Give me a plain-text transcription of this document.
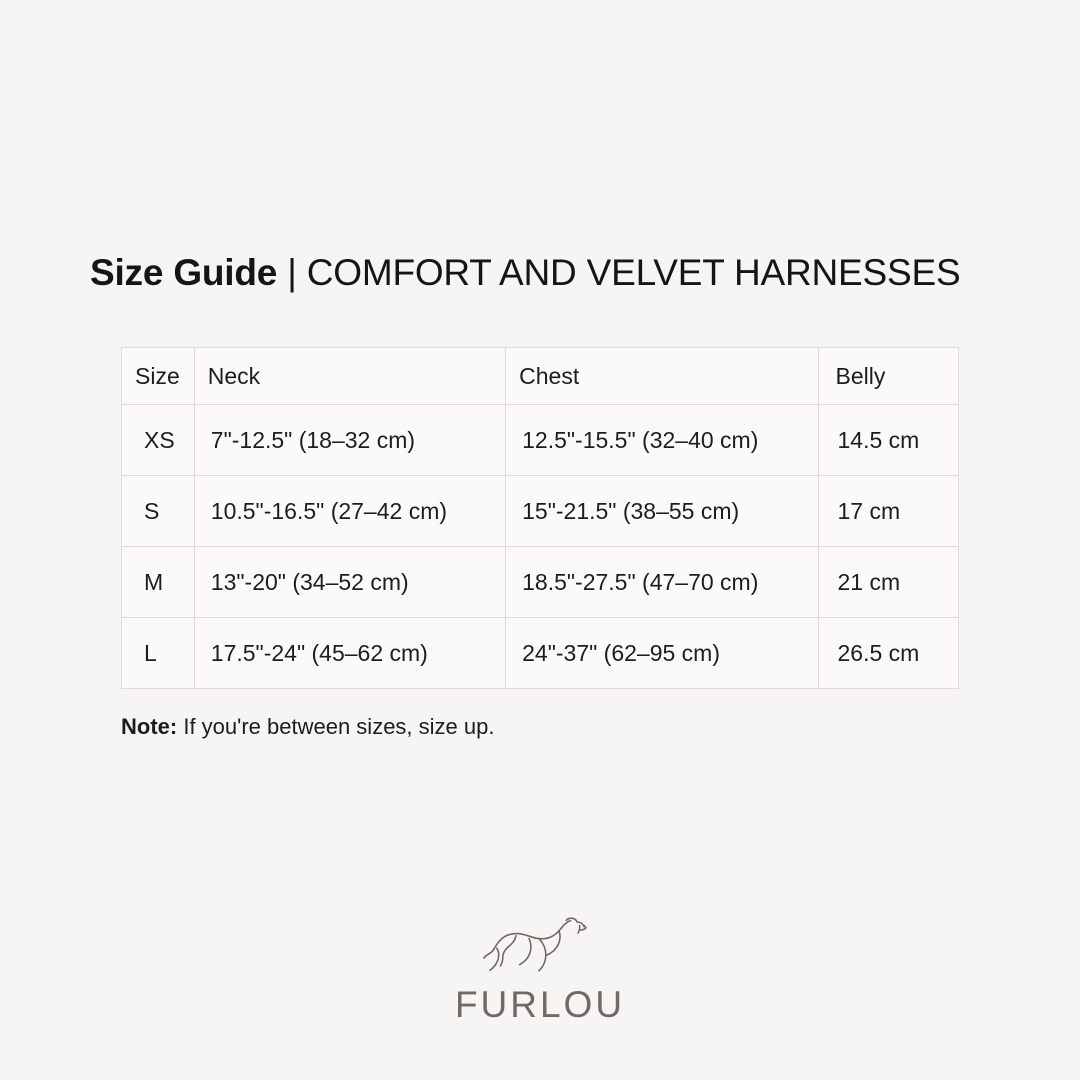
Size Guide | COMFORT AND VELVET HARNESSES
Size	Neck	Chest	Belly
XS	7"-12.5" (18–32 cm)	12.5"-15.5" (32–40 cm)	14.5 cm
S	10.5"-16.5" (27–42 cm)	15"-21.5" (38–55 cm)	17 cm
M	13"-20" (34–52 cm)	18.5"-27.5" (47–70 cm)	21 cm
L	17.5"-24" (45–62 cm)	24"-37" (62–95 cm)	26.5 cm
Note: If you're between sizes, size up.
FURLOU
